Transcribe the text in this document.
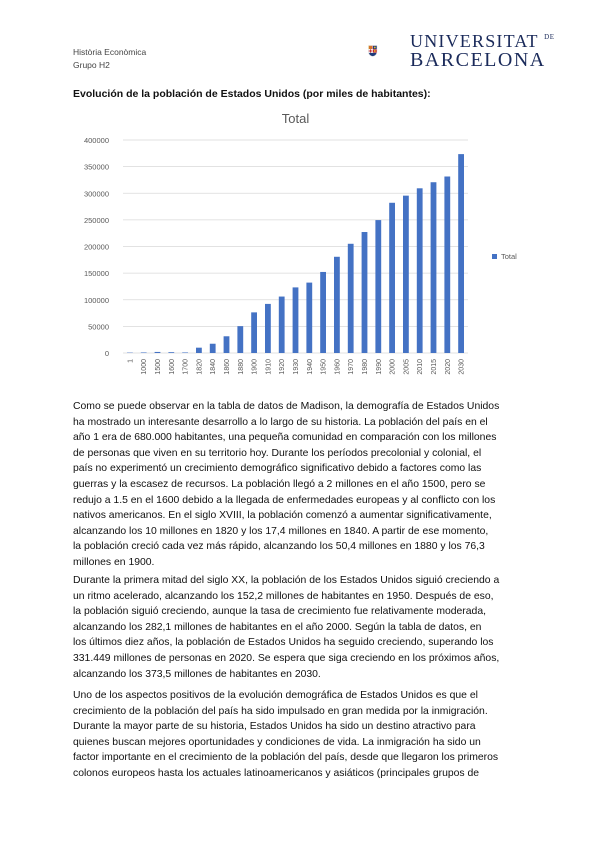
Història Econòmica
Grupo H2
UNIVERSITAT $^{DE}$
BARCELONA
Evolución de la población de Estados Unidos (por miles de habitantes):
Total
400000
350000
300000
250000
200000
150000
100000
50000
0
1 1000 1500 1600 1700 1820 1840 1860 1880 1900 1910 1920 1930 1940 1950 1960 1970 1980 1990 2000 2005 2010 2015 2020 2030
Total
Como se puede observar en la tabla de datos de Madison, la demografía de Estados Unidos
ha mostrado un interesante desarrollo a lo largo de su historia. La población del país en el
año 1 era de 680.000 habitantes, una pequeña comunidad en comparación con los millones
de personas que viven en su territorio hoy. Durante los períodos precolonial y colonial, el
país no experimentó un crecimiento demográfico significativo debido a factores como las
guerras y la escasez de recursos. La población llegó a 2 millones en el año 1500, pero se
redujo a 1.5 en el 1600 debido a la llegada de enfermedades europeas y al conflicto con los
nativos americanos. En el siglo XVIII, la población comenzó a aumentar significativamente,
alcanzando los 10 millones en 1820 y los 17,4 millones en 1840. A partir de ese momento,
la población creció cada vez más rápido, alcanzando los 50,4 millones en 1880 y los 76,3
millones en 1900.
Durante la primera mitad del siglo XX, la población de los Estados Unidos siguió creciendo a
un ritmo acelerado, alcanzando los 152,2 millones de habitantes en 1950. Después de eso,
la población siguió creciendo, aunque la tasa de crecimiento fue relativamente moderada,
alcanzando los 282,1 millones de habitantes en el año 2000. Según la tabla de datos, en
los últimos diez años, la población de Estados Unidos ha seguido creciendo, superando los
331.449 millones de personas en 2020. Se espera que siga creciendo en los próximos años,
alcanzando los 373,5 millones de habitantes en 2030.
Uno de los aspectos positivos de la evolución demográfica de Estados Unidos es que el
crecimiento de la población del país ha sido impulsado en gran medida por la inmigración.
Durante la mayor parte de su historia, Estados Unidos ha sido un destino atractivo para
quienes buscan mejores oportunidades y condiciones de vida. La inmigración ha sido un
factor importante en el crecimiento de la población del país, desde que llegaron los primeros
colonos europeos hasta los actuales latinoamericanos y asiáticos (principales grupos de
